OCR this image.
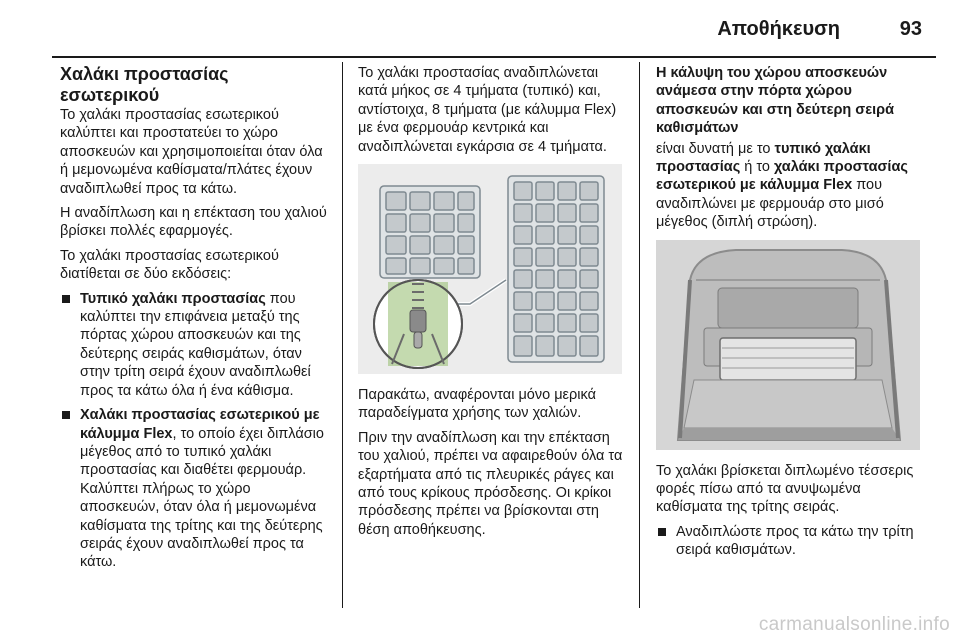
Αποθήκευση	93
Χαλάκι προστασίας εσωτερικού
Το χαλάκι προστασίας εσωτερικού καλύπτει και προστατεύει το χώρο αποσκευών και χρησιμοποιείται όταν όλα ή μεμονωμένα καθίσματα/πλάτες έχουν αναδιπλωθεί προς τα κάτω.
Η αναδίπλωση και η επέκταση του χαλιού βρίσκει πολλές εφαρμογές.
Το χαλάκι προστασίας εσωτερικού διατίθεται σε δύο εκδόσεις:
Τυπικό χαλάκι προστασίας που καλύπτει την επιφάνεια μεταξύ της πόρτας χώρου αποσκευών και της δεύτερης σειράς καθισμάτων, όταν στην τρίτη σειρά έχουν αναδιπλωθεί προς τα κάτω όλα ή ένα κάθισμα.
Χαλάκι προστασίας εσωτερικού με κάλυμμα Flex, το οποίο έχει διπλάσιο μέγεθος από το τυπικό χαλάκι προστασίας και διαθέτει φερμουάρ. Καλύπτει πλήρως το χώρο αποσκευών, όταν όλα ή μεμονωμένα καθίσματα της τρίτης και της δεύτερης σειράς έχουν αναδιπλωθεί προς τα κάτω.
Το χαλάκι προστασίας αναδιπλώνεται κατά μήκος σε 4 τμήματα (τυπικό) και, αντίστοιχα, 8 τμήματα (με κάλυμμα Flex) με ένα φερμουάρ κεντρικά και αναδιπλώνεται εγκάρσια σε 4 τμήματα.
Παρακάτω, αναφέρονται μόνο μερικά παραδείγματα χρήσης των χαλιών.
Πριν την αναδίπλωση και την επέκταση του χαλιού, πρέπει να αφαιρεθούν όλα τα εξαρτήματα από τις πλευρικές ράγες και από τους κρίκους πρόσδεσης. Οι κρίκοι πρόσδεσης πρέπει να βρίσκονται στη θέση αποθήκευσης.
Η κάλυψη του χώρου αποσκευών ανάμεσα στην πόρτα χώρου αποσκευών και στη δεύτερη σειρά καθισμάτων
είναι δυνατή με το τυπικό χαλάκι προστασίας ή το χαλάκι προστασίας εσωτερικού με κάλυμμα Flex που αναδιπλώνει με φερμουάρ στο μισό μέγεθος (διπλή στρώση).
Το χαλάκι βρίσκεται διπλωμένο τέσσερις φορές πίσω από τα ανυψωμένα καθίσματα της τρίτης σειράς.
Αναδιπλώστε προς τα κάτω την τρίτη σειρά καθισμάτων.
carmanualsonline.info
